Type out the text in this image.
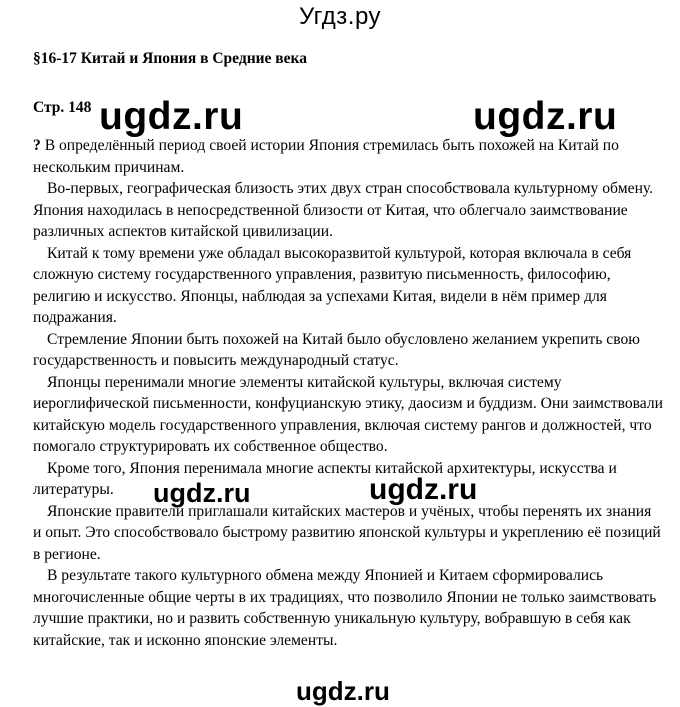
Угдз.ру
§16-17 Китай и Япония в Средние века
Стр. 148

? В определённый период своей истории Япония стремилась быть похожей на Китай по нескольким причинам.

Во-первых, географическая близость этих двух стран способствовала культурному обмену. Япония находилась в непосредственной близости от Китая, что облегчало заимствование различных аспектов китайской цивилизации.

Китай к тому времени уже обладал высокоразвитой культурой, которая включала в себя сложную систему государственного управления, развитую письменность, философию, религию и искусство. Японцы, наблюдая за успехами Китая, видели в нём пример для подражания.

Стремление Японии быть похожей на Китай было обусловлено желанием укрепить свою государственность и повысить международный статус.

Японцы перенимали многие элементы китайской культуры, включая систему иероглифической письменности, конфуцианскую этику, даосизм и буддизм. Они заимствовали китайскую модель государственного управления, включая систему рангов и должностей, что помогало структурировать их собственное общество.

Кроме того, Япония перенимала многие аспекты китайской архитектуры, искусства и литературы.

Японские правители приглашали китайских мастеров и учёных, чтобы перенять их знания и опыт. Это способствовало быстрому развитию японской культуры и укреплению её позиций в регионе.

В результате такого культурного обмена между Японией и Китаем сформировались многочисленные общие черты в их традициях, что позволило Японии не только заимствовать лучшие практики, но и развить собственную уникальную культуру, вобравшую в себя как китайские, так и исконно японские элементы.

ugdz.ru	ugdz.ru
ugdz.ru	ugdz.ru
ugdz.ru
